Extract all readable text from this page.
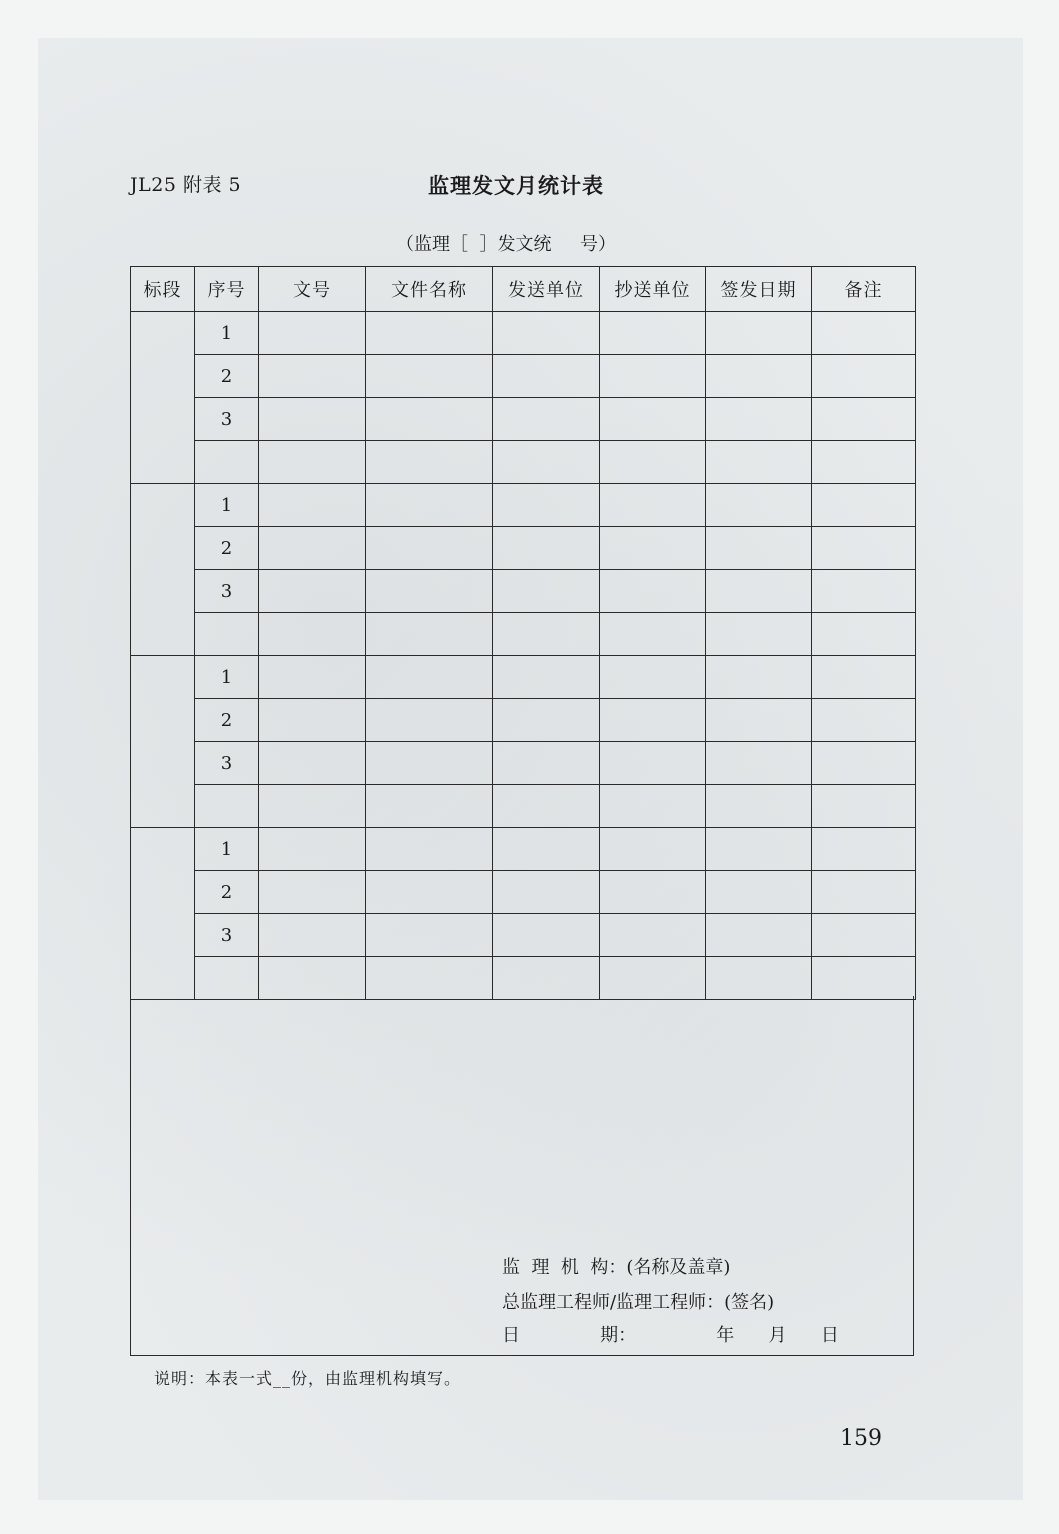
JL25 附表 5	监理发文月统计表
（监理［  ］发文统     号）
标段	序号	文号	文件名称	发送单位	抄送单位	签发日期	备注
	1						
	2						
	3						

	1						
	2						
	3						

	1						
	2						
	3						

	1						
	2						
	3						

监  理  机  构：(名称及盖章)
总监理工程师/监理工程师：(签名)
日              期：              年      月      日
说明：本表一式__份，由监理机构填写。
159
